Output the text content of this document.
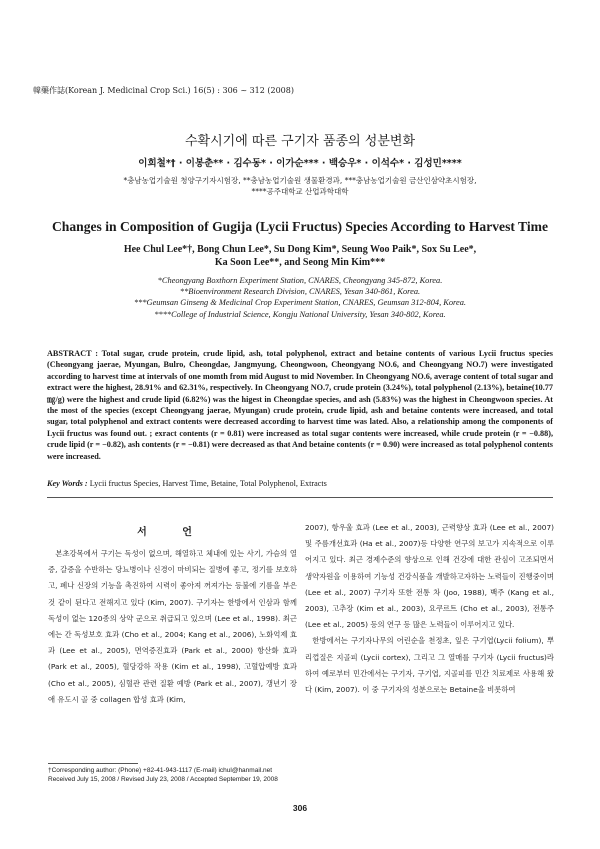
韓藥作誌(Korean J. Medicinal Crop Sci.) 16(5) : 306 ~ 312 (2008)
수확시기에 따른 구기자 품종의 성분변화
이희철*† · 이봉춘** · 김수동* · 이가순*** · 백승우* · 이석수* · 김성민****
*충남농업기술원 청양구기자시험장, **충남농업기술원 생물환경과, ***충남농업기술원 금산인삼약초시험장,
****공주대학교 산업과학대학
Changes in Composition of Gugija (Lycii Fructus) Species According to Harvest Time
Hee Chul Lee*†, Bong Chun Lee*, Su Dong Kim*, Seung Woo Paik*, Sox Su Lee*,
Ka Soon Lee**, and Seong Min Kim***
*Cheongyang Boxthorn Experiment Station, CNARES, Cheongyang 345-872, Korea.
**Bioenvironment Research Division, CNARES, Yesan 340-861, Korea.
***Geumsan Ginseng & Medicinal Crop Experiment Station, CNARES, Geumsan 312-804, Korea.
****College of Industrial Science, Kongju National University, Yesan 340-802, Korea.
ABSTRACT : Total sugar, crude protein, crude lipid, ash, total polyphenol, extract and betaine contents of various Lycii fructus species (Cheongyang jaerae, Myungan, Bulro, Cheongdae, Jangmyung, Cheongwoon, Cheongyang NO.6, and Cheongyang NO.7) were investigated according to harvest time at intervals of one momth from mid August to mid November. In Cheongyang NO.6, average content of total sugar and extract were the highest, 28.91% and 62.31%, respectively. In Cheongyang NO.7, crude protein (3.24%), total polyphenol (2.13%), betaine(10.77 ㎎/g) were the highest and crude lipid (6.82%) was the higest in Cheongdae species, and ash (5.83%) was the highest in Cheongwoon species. At the most of the species (except Cheongyang jaerae, Myungan) crude protein, crude lipid, ash and betaine contents were increased, and total sugar, total polyphenol and extract contents were decreased according to harvest time was lated. Also, a relationship among the components of Lycii fructus was found out. ; exract contents (r = 0.81) were increased as total sugar contents were increased, while crude protein (r = −0.88), crude lipid (r = −0.82), ash contents (r = −0.81) were decreased as that And betaine contents (r = 0.90) were increased as total polyphenol contents were increased.
Key Words : Lycii fructus Species, Harvest Time, Betaine, Total Polyphenol, Extracts
서 언

본초강목에서 구기는 독성이 없으며, 해열하고 체내에 있는 사기, 가슴의 열증, 갈증을 수반하는 당뇨병이나 신경이 마비되는 질병에 좋고, 정기를 보호하고, 폐나 신장의 기능을 촉진하여 시력이 좋아져 꺼져가는 등불에 기름을 부은 것 같이 된다고 전해지고 있다 (Kim, 2007). 구기자는 한방에서 인삼과 함께 독성이 없는 120종의 상약 군으로 취급되고 있으며 (Lee et al., 1998). 최근에는 간 독성보호 효과 (Cho et al., 2004; Kang et al., 2006), 노화억제 효과 (Lee et al., 2005), 면역증진효과 (Park et al., 2000) 항산화 효과 (Park et al., 2005), 혈당강하 작용 (Kim et al., 1998), 고혈압예방 효과 (Cho et al., 2005), 심혈관 관련 질환 예방 (Park et al., 2007), 갱년기 장애 유도시 골 중 collagen 합성 효과 (Kim,

2007), 항우울 효과 (Lee et al., 2003), 근력향상 효과 (Lee et al., 2007) 및 주름개선효과 (Ha et al., 2007)등 다양한 연구의 보고가 지속적으로 이루어지고 있다. 최근 경제수준의 향상으로 인해 건강에 대한 관심이 고조되면서 생약자원을 이용하여 기능성 건강식품을 개발하고자하는 노력들이 진행중이며 (Lee et al., 2007) 구기자 또한 전통 차 (Joo, 1988), 백주 (Kang et al., 2003), 고추장 (Kim et al., 2003), 요쿠르트 (Cho et al., 2003), 전통주 (Lee et al., 2005) 등의 연구 등 많은 노력들이 이루어지고 있다.

한방에서는 구기자나무의 어린순을 천정초, 잎은 구기엽(Lycii folium), 뿌리껍질은 지골피 (Lycii cortex), 그리고 그 열매를 구기자 (Lycii fructus)라 하여 예로부터 민간에서는 구기자, 구기엽, 지골피를 민간 치료제로 사용해 왔다 (Kim, 2007). 이 중 구기자의 성분으로는 Betaine을 비롯하여

†Corresponding author: (Phone) +82-41-943-1117 (E-mail) ichul@hanmail.net
Received July 15, 2008 / Revised July 23, 2008 / Accepted September 19, 2008
306
